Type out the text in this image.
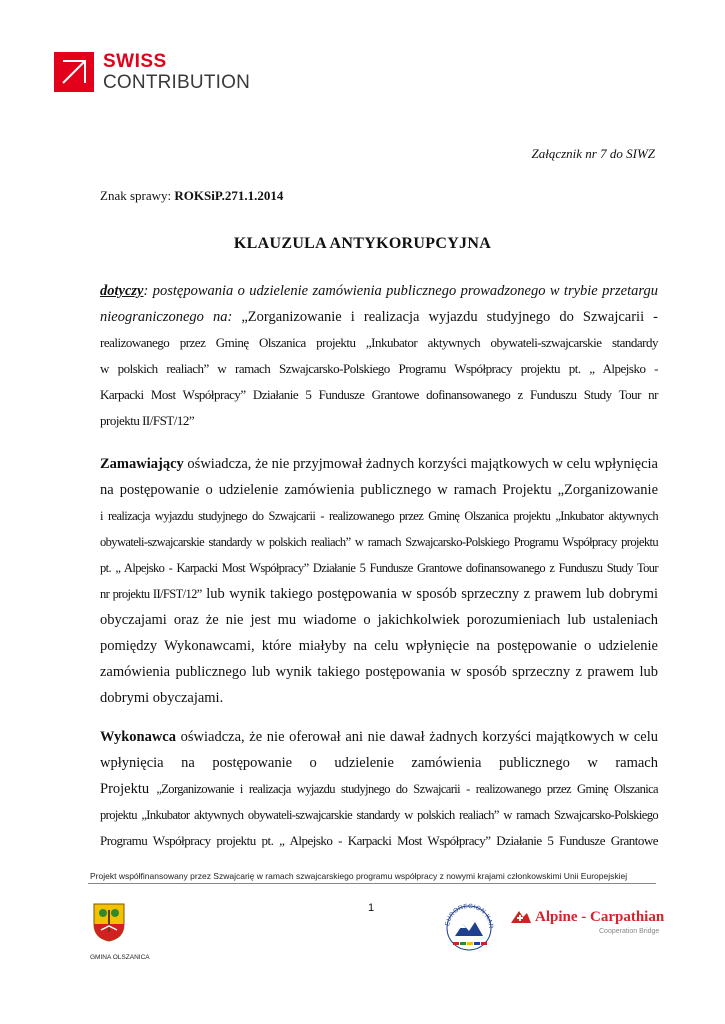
SWISS
CONTRIBUTION
Załącznik nr 7 do SIWZ
Znak sprawy: ROKSiP.271.1.2014
KLAUZULA ANTYKORUPCYJNA
dotyczy: postępowania o udzielenie zamówienia publicznego prowadzonego w trybie przetargu
nieograniczonego na: „Zorganizowanie i realizacja wyjazdu studyjnego do Szwajcarii -
realizowanego przez Gminę Olszanica projektu „Inkubator aktywnych obywateli-szwajcarskie standardy
w polskich realiach” w ramach Szwajcarsko-Polskiego Programu Współpracy projektu pt. „ Alpejsko -
Karpacki Most Współpracy” Działanie 5 Fundusze Grantowe dofinansowanego z Funduszu Study Tour nr
projektu II/FST/12”
Zamawiający oświadcza, że nie przyjmował żadnych korzyści majątkowych w celu wpłynięcia
na postępowanie o udzielenie zamówienia publicznego w ramach Projektu „Zorganizowanie
i realizacja wyjazdu studyjnego do Szwajcarii - realizowanego przez Gminę Olszanica projektu „Inkubator aktywnych
obywateli-szwajcarskie standardy w polskich realiach” w ramach Szwajcarsko-Polskiego Programu Współpracy projektu
pt. „ Alpejsko - Karpacki Most Współpracy” Działanie 5 Fundusze Grantowe dofinansowanego z Funduszu Study Tour
nr projektu II/FST/12” lub wynik takiego postępowania w sposób sprzeczny z prawem lub dobrymi
obyczajami oraz że nie jest mu wiadome o jakichkolwiek porozumieniach lub ustaleniach
pomiędzy Wykonawcami, które miałyby na celu wpłynięcie na postępowanie o udzielenie
zamówienia publicznego lub wynik takiego postępowania w sposób sprzeczny z prawem lub
dobrymi obyczajami.
Wykonawca oświadcza, że nie oferował ani nie dawał żadnych korzyści majątkowych w celu
wpłynięcia na postępowanie o udzielenie zamówienia publicznego w ramach
Projektu „Zorganizowanie i realizacja wyjazdu studyjnego do Szwajcarii - realizowanego przez Gminę Olszanica
projektu „Inkubator aktywnych obywateli-szwajcarskie standardy w polskich realiach” w ramach Szwajcarsko-Polskiego
Programu Współpracy projektu pt. „ Alpejsko - Karpacki Most Współpracy” Działanie 5 Fundusze Grantowe
Projekt współfinansowany przez Szwajcarię w ramach szwajcarskiego programu współpracy z nowymi krajami członkowskimi Unii Europejskiej
1
GMINA OLSZANICA
EUROREGION KAR
Alpine - Carpathian
Cooperation Bridge
